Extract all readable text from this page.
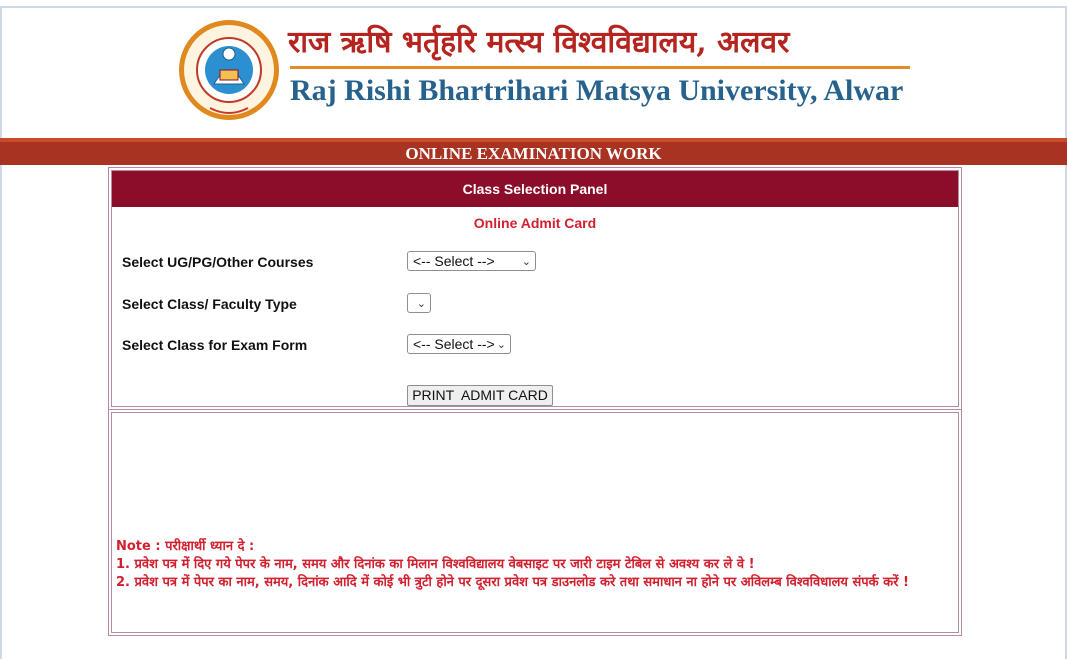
राज ऋषि भर्तृहरि मत्स्य विश्वविद्यालय, अलवर
Raj Rishi Bhartrihari Matsya University, Alwar
ONLINE EXAMINATION WORK
Class Selection Panel
Online Admit Card
Select UG/PG/Other Courses	<-- Select --> ⌄
Select Class/ Faculty Type	⌄
Select Class for Exam Form	<-- Select --> ⌄
PRINT  ADMIT CARD
Note : परीक्षार्थी ध्यान दे :
1. प्रवेश पत्र में दिए गये पेपर के नाम, समय और दिनांक का मिलान विश्वविद्यालय वेबसाइट पर जारी टाइम टेबिल से अवश्य कर ले वे !
2. प्रवेश पत्र में पेपर का नाम, समय, दिनांक आदि में कोई भी त्रुटी होने पर दूसरा प्रवेश पत्र डाउनलोड करे तथा समाधान ना होने पर अविलम्ब विश्वविधालय संपर्क करें !
